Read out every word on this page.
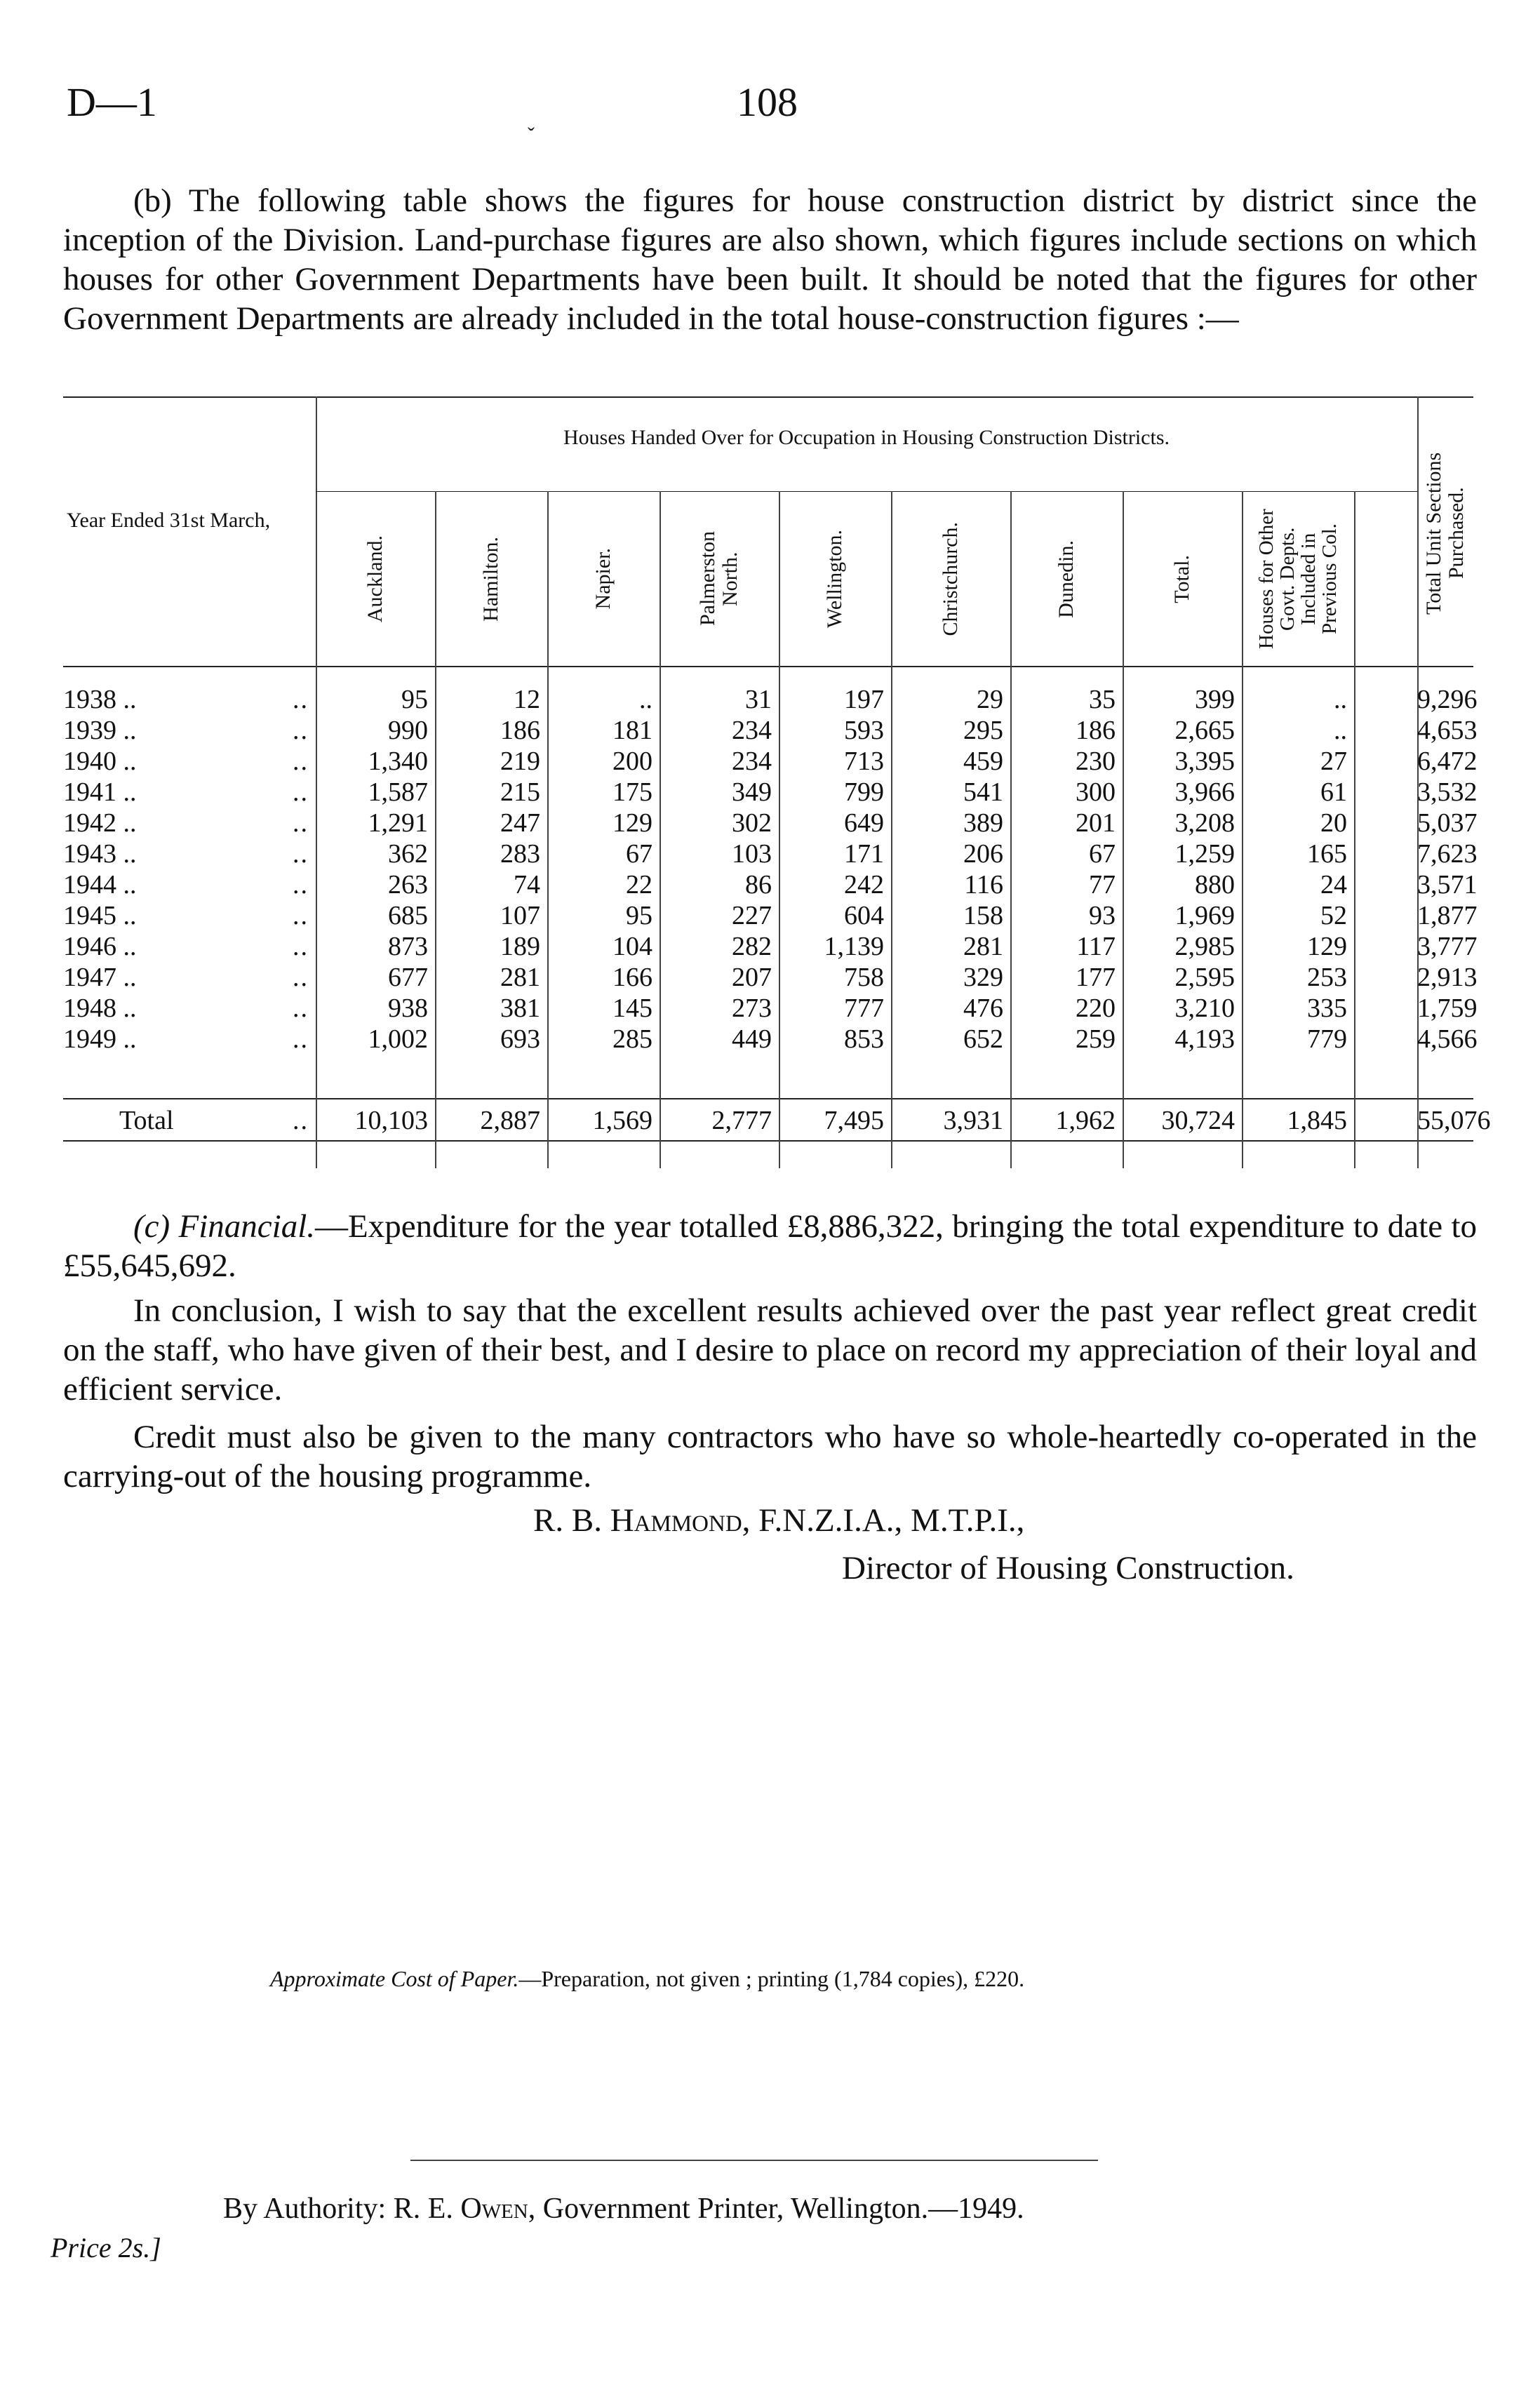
D—1	108
ˇ
(b) The following table shows the figures for house construction district by district since the inception of the Division. Land-purchase figures are also shown, which figures include sections on which houses for other Government Departments have been built. It should be noted that the figures for other Government Departments are already included in the total house-construction figures :—
Houses Handed Over for Occupation in Housing Construction Districts.
Year Ended 31st March,
Auckland.	Hamilton.	Napier.	Palmerston North.	Wellington.	Christchurch.	Dunedin.	Total.	Houses for Other Govt. Depts. Included in Previous Col.	Total Unit Sections Purchased.
1938 ..	..	95	12	..	31	197	29	35	399	..	9,296
1939 ..	..	990	186	181	234	593	295	186	2,665	..	4,653
1940 ..	..	1,340	219	200	234	713	459	230	3,395	27	6,472
1941 ..	..	1,587	215	175	349	799	541	300	3,966	61	3,532
1942 ..	..	1,291	247	129	302	649	389	201	3,208	20	5,037
1943 ..	..	362	283	67	103	171	206	67	1,259	165	7,623
1944 ..	..	263	74	22	86	242	116	77	880	24	3,571
1945 ..	..	685	107	95	227	604	158	93	1,969	52	1,877
1946 ..	..	873	189	104	282	1,139	281	117	2,985	129	3,777
1947 ..	..	677	281	166	207	758	329	177	2,595	253	2,913
1948 ..	..	938	381	145	273	777	476	220	3,210	335	1,759
1949 ..	..	1,002	693	285	449	853	652	259	4,193	779	4,566
Total	..	10,103	2,887	1,569	2,777	7,495	3,931	1,962	30,724	1,845	55,076
(c) Financial.—Expenditure for the year totalled £8,886,322, bringing the total expenditure to date to £55,645,692.
In conclusion, I wish to say that the excellent results achieved over the past year reflect great credit on the staff, who have given of their best, and I desire to place on record my appreciation of their loyal and efficient service.
Credit must also be given to the many contractors who have so whole-heartedly co-operated in the carrying-out of the housing programme.
R. B. Hammond, F.N.Z.I.A., M.T.P.I.,
Director of Housing Construction.
Approximate Cost of Paper.—Preparation, not given ; printing (1,784 copies), £220.
By Authority: R. E. Owen, Government Printer, Wellington.—1949.
Price 2s.]
